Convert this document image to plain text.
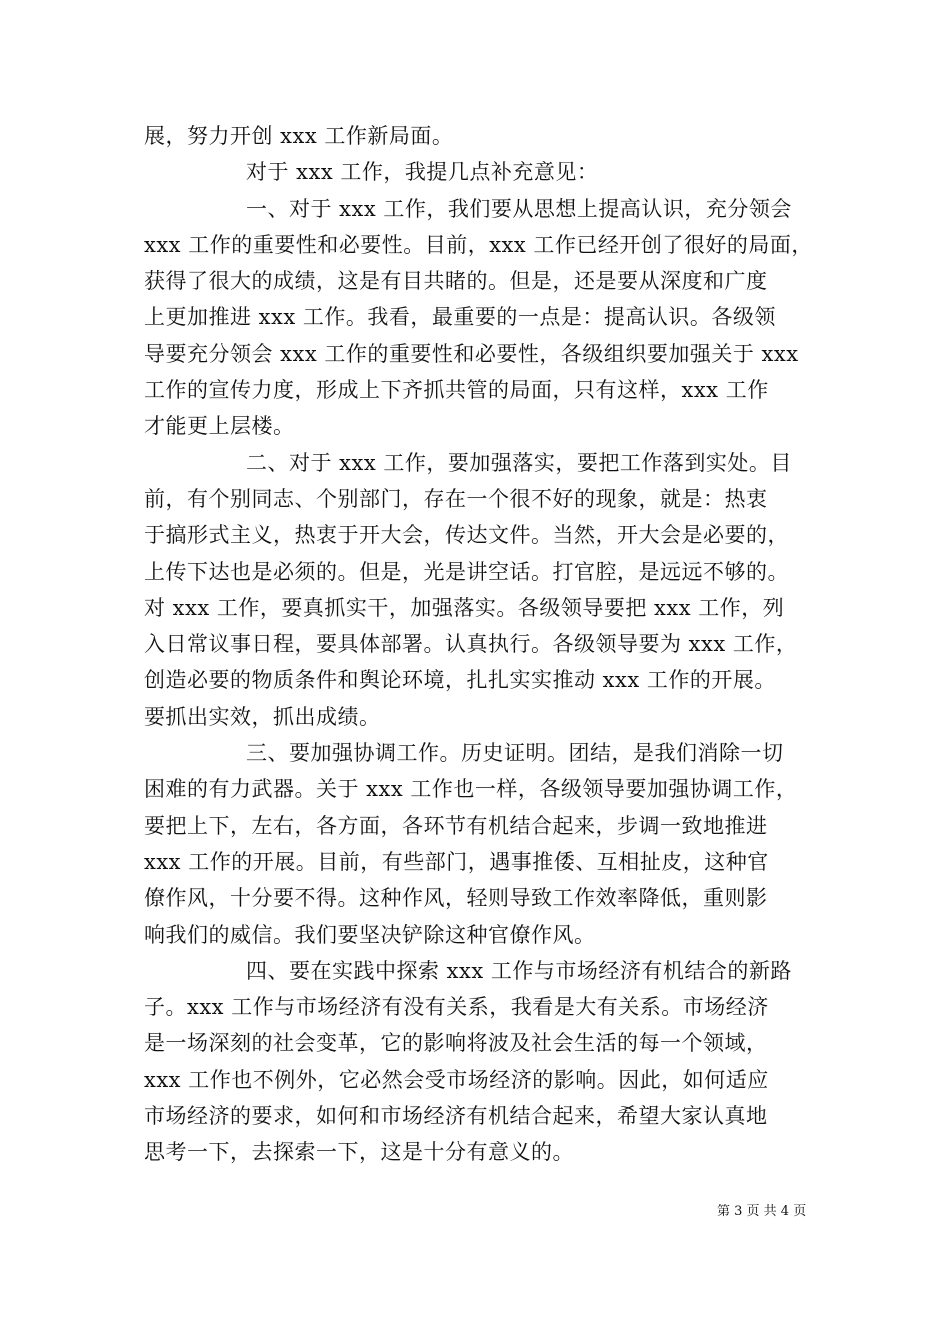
展，努力开创 xxx 工作新局面。
对于 xxx 工作，我提几点补充意见：
一、对于 xxx 工作，我们要从思想上提高认识，充分领会
xxx 工作的重要性和必要性。目前，xxx 工作已经开创了很好的局面，
获得了很大的成绩，这是有目共睹的。但是，还是要从深度和广度
上更加推进 xxx 工作。我看，最重要的一点是：提高认识。各级领
导要充分领会 xxx 工作的重要性和必要性，各级组织要加强关于 xxx
工作的宣传力度，形成上下齐抓共管的局面，只有这样，xxx 工作
才能更上层楼。
二、对于 xxx 工作，要加强落实，要把工作落到实处。目
前，有个别同志、个别部门，存在一个很不好的现象，就是：热衷
于搞形式主义，热衷于开大会，传达文件。当然，开大会是必要的，
上传下达也是必须的。但是，光是讲空话。打官腔，是远远不够的。
对 xxx 工作，要真抓实干，加强落实。各级领导要把 xxx 工作，列
入日常议事日程，要具体部署。认真执行。各级领导要为 xxx 工作，
创造必要的物质条件和舆论环境，扎扎实实推动 xxx 工作的开展。
要抓出实效，抓出成绩。
三、要加强协调工作。历史证明。团结，是我们消除一切
困难的有力武器。关于 xxx 工作也一样，各级领导要加强协调工作，
要把上下，左右，各方面，各环节有机结合起来，步调一致地推进
xxx 工作的开展。目前，有些部门，遇事推倭、互相扯皮，这种官
僚作风，十分要不得。这种作风，轻则导致工作效率降低，重则影
响我们的威信。我们要坚决铲除这种官僚作风。
四、要在实践中探索 xxx 工作与市场经济有机结合的新路
子。xxx 工作与市场经济有没有关系，我看是大有关系。市场经济
是一场深刻的社会变革，它的影响将波及社会生活的每一个领域，
xxx 工作也不例外，它必然会受市场经济的影响。因此，如何适应
市场经济的要求，如何和市场经济有机结合起来，希望大家认真地
思考一下，去探索一下，这是十分有意义的。
第 3 页 共 4 页
